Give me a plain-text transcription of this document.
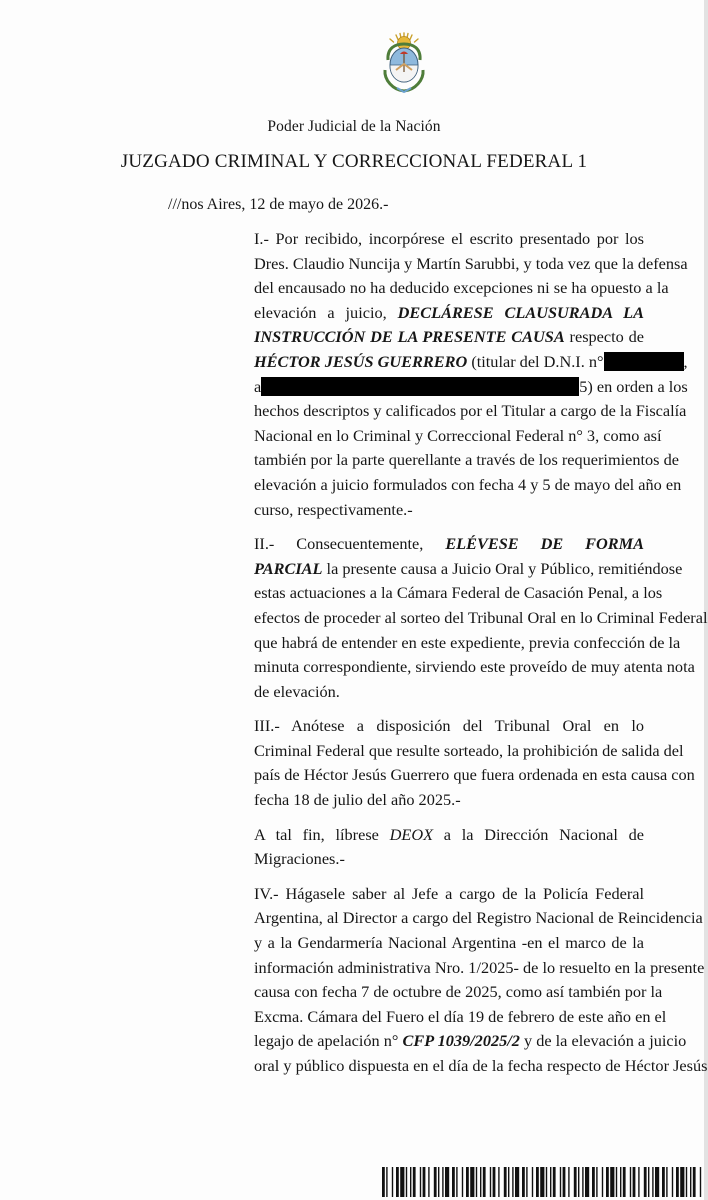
Poder Judicial de la Nación
JUZGADO CRIMINAL Y CORRECCIONAL FEDERAL 1
///nos Aires, 12 de mayo de 2026.-

I.- Por recibido, incorpórese el escrito presentado por los
Dres. Claudio Nuncija y Martín Sarubbi, y toda vez que la defensa
del encausado no ha deducido excepciones ni se ha opuesto a la
elevación a juicio, DECLÁRESE CLAUSURADA LA
INSTRUCCIÓN DE LA PRESENTE CAUSA respecto de
HÉCTOR JESÚS GUERRERO (titular del D.N.I. n°	,
a	5) en orden a los
hechos descriptos y calificados por el Titular a cargo de la Fiscalía
Nacional en lo Criminal y Correccional Federal n° 3, como así
también por la parte querellante a través de los requerimientos de
elevación a juicio formulados con fecha 4 y 5 de mayo del año en
curso, respectivamente.-

II.- Consecuentemente, ELÉVESE DE FORMA
PARCIAL la presente causa a Juicio Oral y Público, remitiéndose
estas actuaciones a la Cámara Federal de Casación Penal, a los
efectos de proceder al sorteo del Tribunal Oral en lo Criminal Federal
que habrá de entender en este expediente, previa confección de la
minuta correspondiente, sirviendo este proveído de muy atenta nota
de elevación.

III.- Anótese a disposición del Tribunal Oral en lo
Criminal Federal que resulte sorteado, la prohibición de salida del
país de Héctor Jesús Guerrero que fuera ordenada en esta causa con
fecha 18 de julio del año 2025.-

A tal fin, líbrese DEOX a la Dirección Nacional de
Migraciones.-

IV.- Hágasele saber al Jefe a cargo de la Policía Federal
Argentina, al Director a cargo del Registro Nacional de Reincidencia
y a la Gendarmería Nacional Argentina -en el marco de la
información administrativa Nro. 1/2025- de lo resuelto en la presente
causa con fecha 7 de octubre de 2025, como así también por la
Excma. Cámara del Fuero el día 19 de febrero de este año en el
legajo de apelación n° CFP 1039/2025/2 y de la elevación a juicio
oral y público dispuesta en el día de la fecha respecto de Héctor Jesús
